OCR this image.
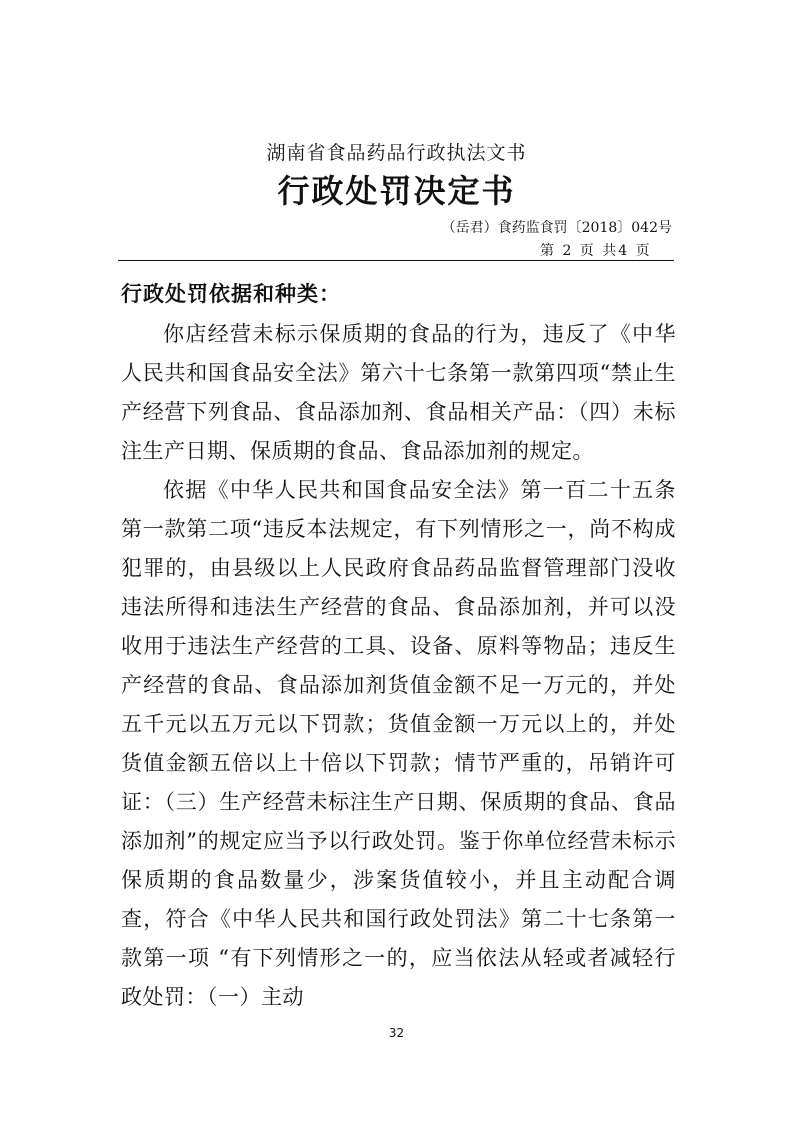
湖南省食品药品行政执法文书
行政处罚决定书
（岳君）食药监食罚〔2018〕042号
第 2 页 共4 页
行政处罚依据和种类：

你店经营未标示保质期的食品的行为，违反了《中华人民共和国食品安全法》第六十七条第一款第四项“禁止生产经营下列食品、食品添加剂、食品相关产品：（四）未标注生产日期、保质期的食品、食品添加剂的规定。

依据《中华人民共和国食品安全法》第一百二十五条第一款第二项“违反本法规定，有下列情形之一，尚不构成犯罪的，由县级以上人民政府食品药品监督管理部门没收违法所得和违法生产经营的食品、食品添加剂，并可以没收用于违法生产经营的工具、设备、原料等物品；违反生产经营的食品、食品添加剂货值金额不足一万元的，并处五千元以五万元以下罚款；货值金额一万元以上的，并处货值金额五倍以上十倍以下罚款；情节严重的，吊销许可证：（三）生产经营未标注生产日期、保质期的食品、食品添加剂”的规定应当予以行政处罚。鉴于你单位经营未标示保质期的食品数量少，涉案货值较小，并且主动配合调查，符合《中华人民共和国行政处罚法》第二十七条第一款第一项 “有下列情形之一的，应当依法从轻或者减轻行政处罚：（一）主动

32
